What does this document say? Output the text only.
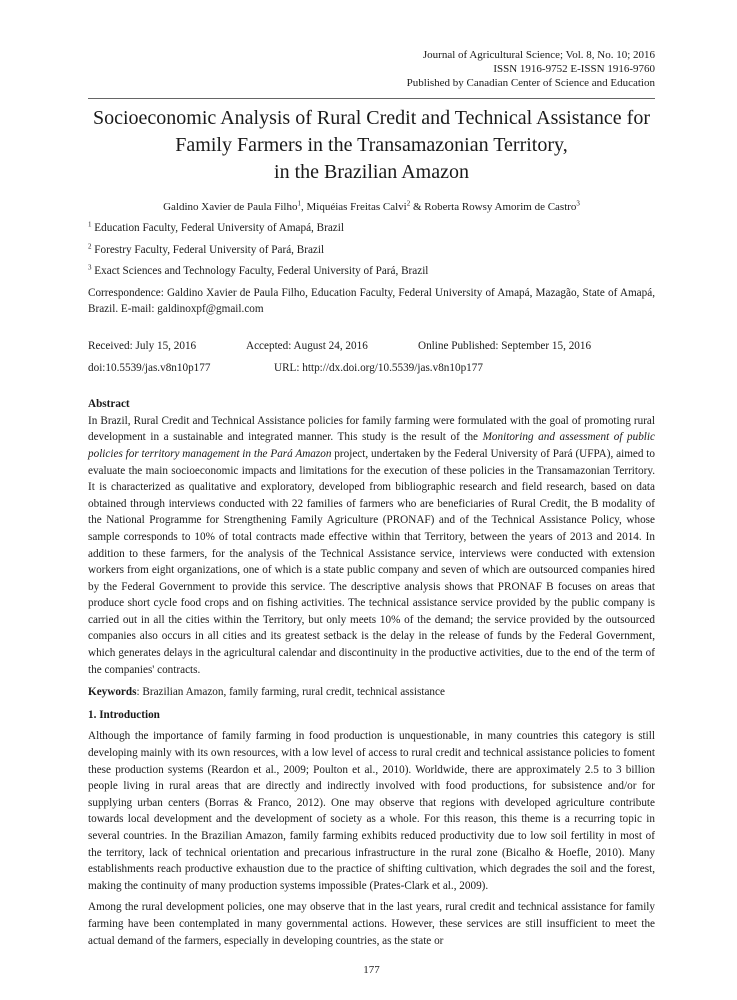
Journal of Agricultural Science; Vol. 8, No. 10; 2016
ISSN 1916-9752 E-ISSN 1916-9760
Published by Canadian Center of Science and Education
Socioeconomic Analysis of Rural Credit and Technical Assistance for
Family Farmers in the Transamazonian Territory,
in the Brazilian Amazon
Galdino Xavier de Paula Filho$^1$, Miquéias Freitas Calvi$^2$ & Roberta Rowsy Amorim de Castro$^3$
$^1$ Education Faculty, Federal University of Amapá, Brazil
$^2$ Forestry Faculty, Federal University of Pará, Brazil
$^3$ Exact Sciences and Technology Faculty, Federal University of Pará, Brazil
Correspondence: Galdino Xavier de Paula Filho, Education Faculty, Federal University of Amapá, Mazagão, State of Amapá, Brazil. E-mail: galdinoxpf@gmail.com
Received: July 15, 2016	Accepted: August 24, 2016	Online Published: September 15, 2016
doi:10.5539/jas.v8n10p177	URL: http://dx.doi.org/10.5539/jas.v8n10p177
Abstract
In Brazil, Rural Credit and Technical Assistance policies for family farming were formulated with the goal of promoting rural development in a sustainable and integrated manner. This study is the result of the Monitoring and assessment of public policies for territory management in the Pará Amazon project, undertaken by the Federal University of Pará (UFPA), aimed to evaluate the main socioeconomic impacts and limitations for the execution of these policies in the Transamazonian Territory. It is characterized as qualitative and exploratory, developed from bibliographic research and field research, based on data obtained through interviews conducted with 22 families of farmers who are beneficiaries of Rural Credit, the B modality of the National Programme for Strengthening Family Agriculture (PRONAF) and of the Technical Assistance Policy, whose sample corresponds to 10% of total contracts made effective within that Territory, between the years of 2013 and 2014. In addition to these farmers, for the analysis of the Technical Assistance service, interviews were conducted with extension workers from eight organizations, one of which is a state public company and seven of which are outsourced companies hired by the Federal Government to provide this service. The descriptive analysis shows that PRONAF B focuses on areas that produce short cycle food crops and on fishing activities. The technical assistance service provided by the public company is carried out in all the cities within the Territory, but only meets 10% of the demand; the service provided by the outsourced companies also occurs in all cities and its greatest setback is the delay in the release of funds by the Federal Government, which generates delays in the agricultural calendar and discontinuity in the productive activities, due to the end of the term of the companies' contracts.
Keywords: Brazilian Amazon, family farming, rural credit, technical assistance
1. Introduction
Although the importance of family farming in food production is unquestionable, in many countries this category is still developing mainly with its own resources, with a low level of access to rural credit and technical assistance policies to foment these production systems (Reardon et al., 2009; Poulton et al., 2010). Worldwide, there are approximately 2.5 to 3 billion people living in rural areas that are directly and indirectly involved with food productions, for subsistence and/or for supplying urban centers (Borras & Franco, 2012). One may observe that regions with developed agriculture contribute towards local development and the development of society as a whole. For this reason, this theme is a recurring topic in several countries. In the Brazilian Amazon, family farming exhibits reduced productivity due to low soil fertility in most of the territory, lack of technical orientation and precarious infrastructure in the rural zone (Bicalho & Hoefle, 2010). Many establishments reach productive exhaustion due to the practice of shifting cultivation, which degrades the soil and the forest, making the continuity of many production systems impossible (Prates-Clark et al., 2009).
Among the rural development policies, one may observe that in the last years, rural credit and technical assistance for family farming have been contemplated in many governmental actions. However, these services are still insufficient to meet the actual demand of the farmers, especially in developing countries, as the state or
177
